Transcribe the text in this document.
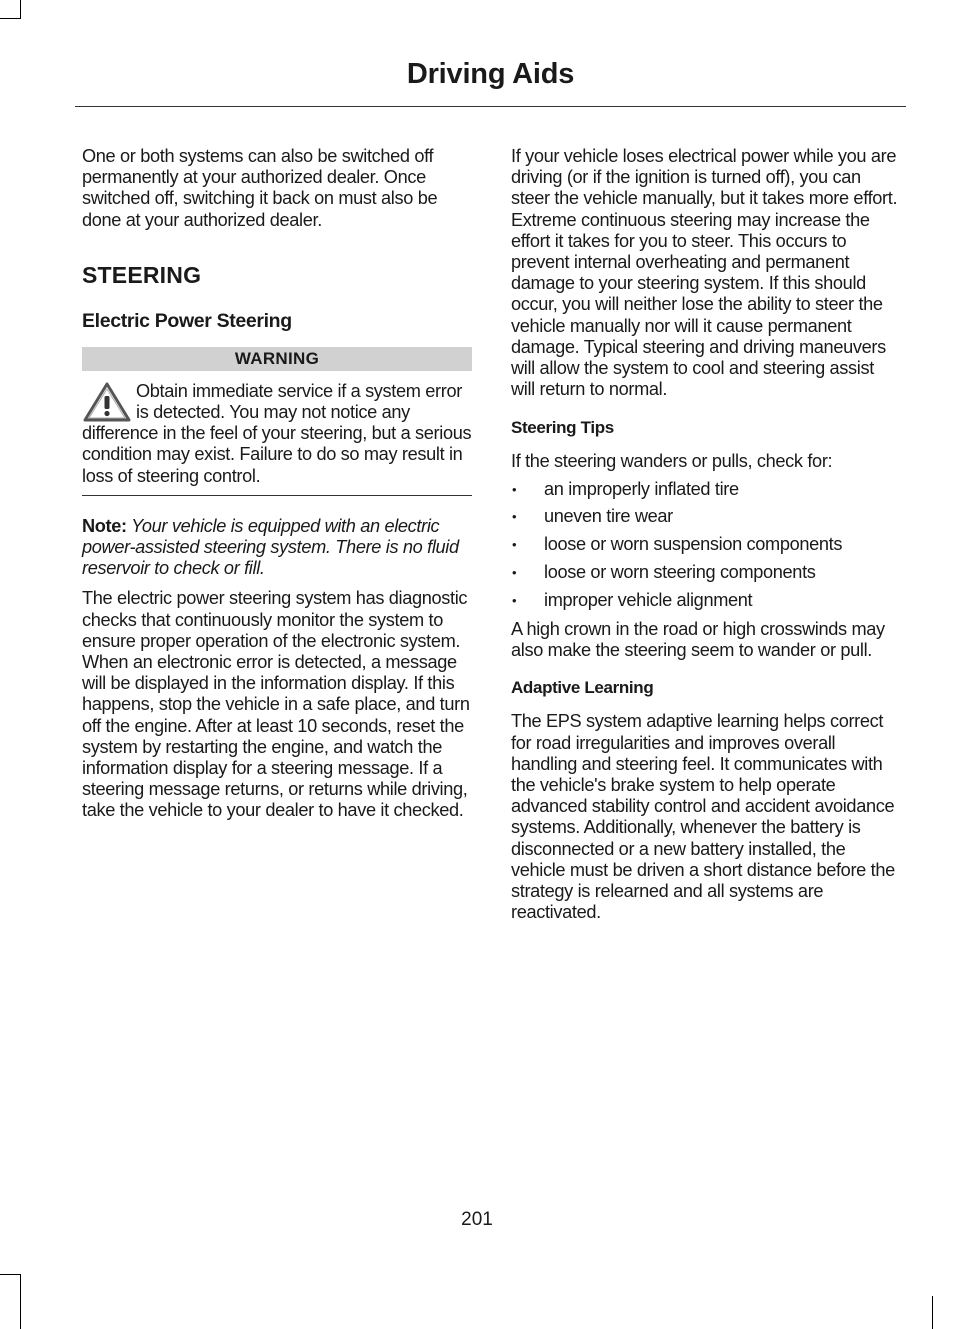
Driving Aids

One or both systems can also be switched off permanently at your authorized dealer. Once switched off, switching it back on must also be done at your authorized dealer.

STEERING
Electric Power Steering
WARNING

Obtain immediate service if a system error is detected. You may not notice any difference in the feel of your steering, but a serious condition may exist. Failure to do so may result in loss of steering control.

Note: Your vehicle is equipped with an electric power-assisted steering system. There is no fluid reservoir to check or fill.

The electric power steering system has diagnostic checks that continuously monitor the system to ensure proper operation of the electronic system. When an electronic error is detected, a message will be displayed in the information display. If this happens, stop the vehicle in a safe place, and turn off the engine. After at least 10 seconds, reset the system by restarting the engine, and watch the information display for a steering message. If a steering message returns, or returns while driving, take the vehicle to your dealer to have it checked.

If your vehicle loses electrical power while you are driving (or if the ignition is turned off), you can steer the vehicle manually, but it takes more effort. Extreme continuous steering may increase the effort it takes for you to steer. This occurs to prevent internal overheating and permanent damage to your steering system. If this should occur, you will neither lose the ability to steer the vehicle manually nor will it cause permanent damage. Typical steering and driving maneuvers will allow the system to cool and steering assist will return to normal.

Steering Tips

If the steering wanders or pulls, check for:

• an improperly inflated tire
• uneven tire wear
• loose or worn suspension components
• loose or worn steering components
• improper vehicle alignment

A high crown in the road or high crosswinds may also make the steering seem to wander or pull.

Adaptive Learning

The EPS system adaptive learning helps correct for road irregularities and improves overall handling and steering feel. It communicates with the vehicle's brake system to help operate advanced stability control and accident avoidance systems. Additionally, whenever the battery is disconnected or a new battery installed, the vehicle must be driven a short distance before the strategy is relearned and all systems are reactivated.

201
